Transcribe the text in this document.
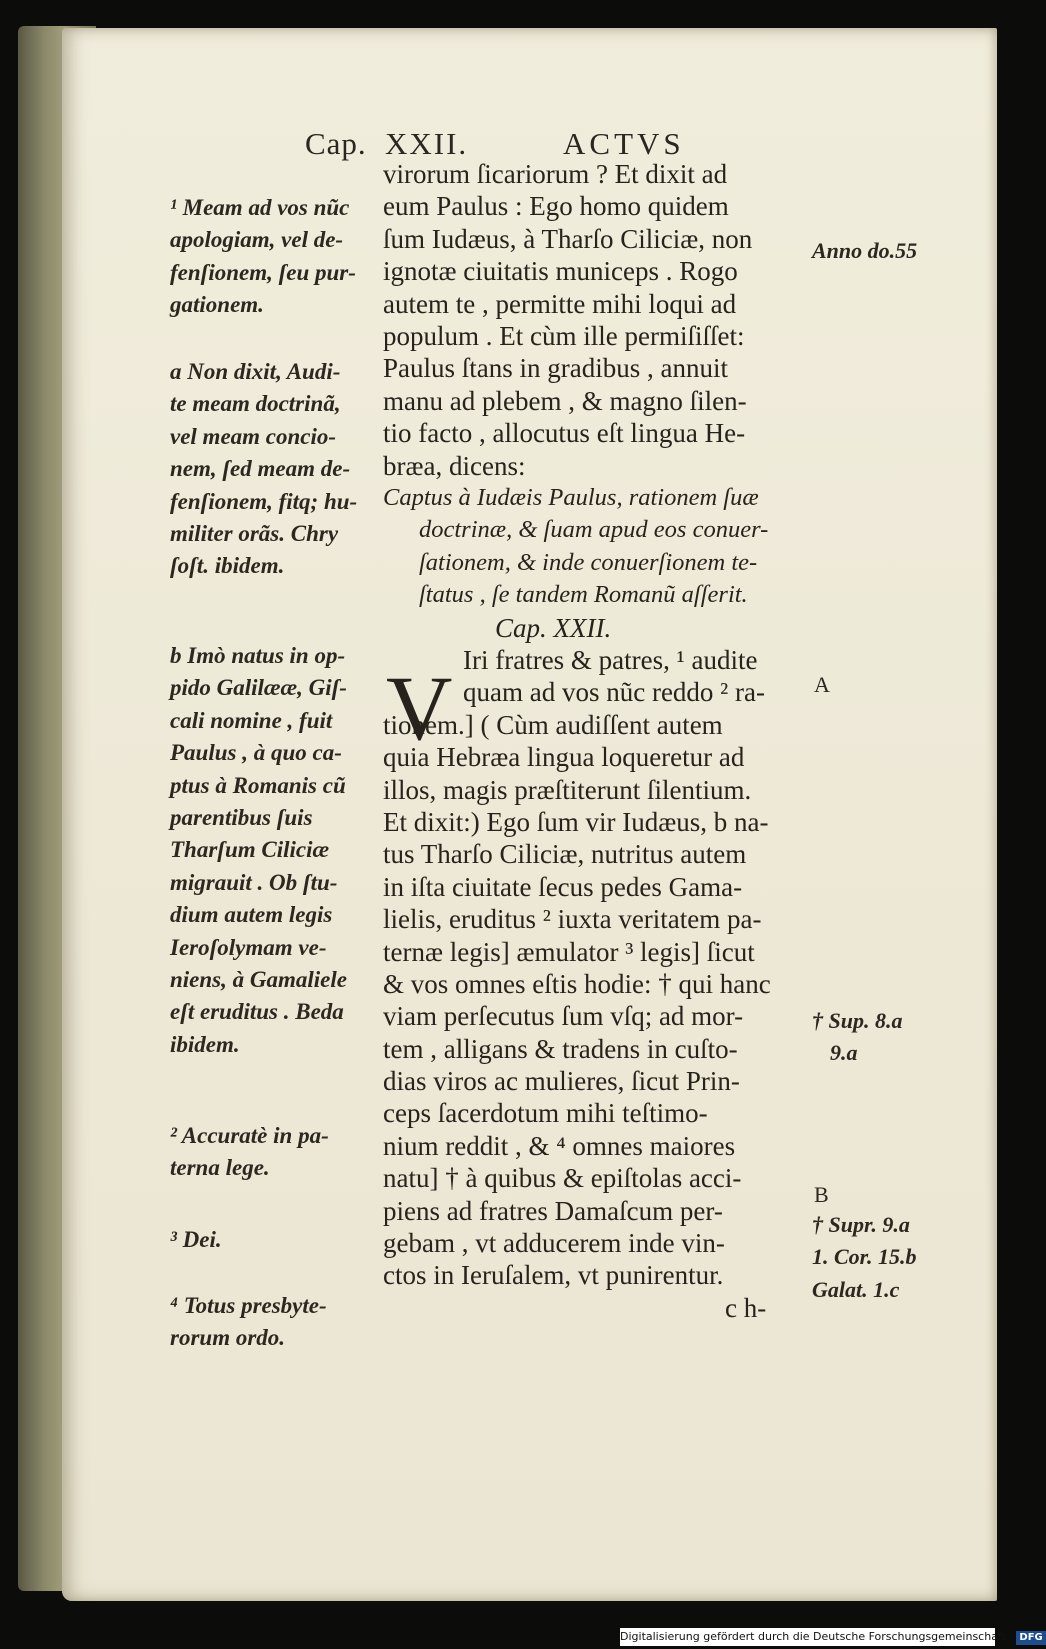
Cap. XXII.	ACTVS
virorum ſicariorum ? Et dixit ad
eum Paulus : Ego homo quidem
ſum Iudæus, à Tharſo Ciliciæ, non
ignotæ ciuitatis municeps . Rogo
autem te , permitte mihi loqui ad
populum . Et cùm ille permiſiſſet:
Paulus ſtans in gradibus , annuit
manu ad plebem , & magno ſilen-
tio facto , allocutus eſt lingua He-
bræa, dicens:
Captus à Iudæis Paulus, rationem ſuæ
doctrinæ, & ſuam apud eos conuer-
ſationem, & inde conuerſionem te-
ſtatus , ſe tandem Romanũ aſſerit.
Cap. XXII.
V Iri fratres & patres, ¹ audite
quam ad vos nũc reddo ² ra-
tionem.] ( Cùm audiſſent autem
quia Hebræa lingua loqueretur ad
illos, magis præſtiterunt ſilentium.
Et dixit:) Ego ſum vir Iudæus, b na-
tus Tharſo Ciliciæ, nutritus autem
in iſta ciuitate ſecus pedes Gama-
lielis, eruditus ² iuxta veritatem pa-
ternæ legis] æmulator ³ legis] ſicut
& vos omnes eſtis hodie: † qui hanc
viam perſecutus ſum vſq; ad mor-
tem , alligans & tradens in cuſto-
dias viros ac mulieres, ſicut Prin-
ceps ſacerdotum mihi teſtimo-
nium reddit , & ⁴ omnes maiores
natu] † à quibus & epiſtolas acci-
piens ad fratres Damaſcum per-
gebam , vt adducerem inde vin-
ctos in Ieruſalem, vt punirentur.
c h-
¹ Meam ad vos nũc
apologiam, vel de-
fenſionem, ſeu pur-
gationem.
a Non dixit, Audi-
te meam doctrinã,
vel meam concio-
nem, ſed meam de-
fenſionem, fitq; hu-
militer orãs. Chry
ſoſt. ibidem.
b Imò natus in op-
pido Galilææ, Giſ-
cali nomine , fuit
Paulus , à quo ca-
ptus à Romanis cũ
parentibus ſuis
Tharſum Ciliciæ
migrauit . Ob ſtu-
dium autem legis
Ieroſolymam ve-
niens, à Gamaliele
eſt eruditus . Beda
ibidem.
² Accuratè in pa-
terna lege.
³ Dei.
⁴ Totus presbyte-
rorum ordo.
Anno do.55
A
† Sup. 8.a
9.a
B
† Supr. 9.a
1. Cor. 15.b
Galat. 1.c
Digitalisierung gefördert durch die Deutsche Forschungsgemeinschaft - DFG
